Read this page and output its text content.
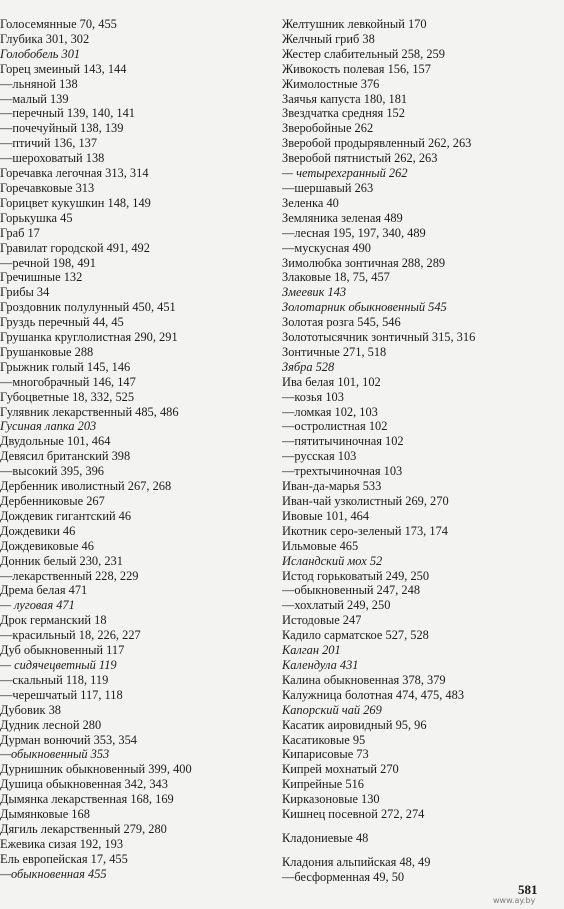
Голосемянные 70, 455
Глубика 301, 302
Голобобель 301
Горец змеиный 143, 144
—льняной 138
—малый 139
—перечный 139, 140, 141
—почечуйный 138, 139
—птичий 136, 137
—шероховатый 138
Горечавка легочная 313, 314
Горечавковые 313
Горицвет кукушкин 148, 149
Горькушка 45
Граб 17
Гравилат городской 491, 492
—речной 198, 491
Гречишные 132
Грибы 34
Гроздовник полулунный 450, 451
Груздь перечный 44, 45
Грушанка круглолистная 290, 291
Грушанковые 288
Грыжник голый 145, 146
—многобрачный 146, 147
Губоцветные 18, 332, 525
Гулявник лекарственный 485, 486
Гусиная лапка 203
Двудольные 101, 464
Девясил британский 398
—высокий 395, 396
Дербенник иволистный 267, 268
Дербенниковые 267
Дождевик гигантский 46
Дождевики 46
Дождевиковые 46
Донник белый 230, 231
—лекарственный 228, 229
Дрема белая 471
— луговая 471
Дрок германский 18
—красильный 18, 226, 227
Дуб обыкновенный 117
— сидячецветный 119
—скальный 118, 119
—черешчатый 117, 118
Дубовик 38
Дудник лесной 280
Дурман вонючий 353, 354
—обыкновенный 353
Дурнишник обыкновенный 399, 400
Душица обыкновенная 342, 343
Дымянка лекарственная 168, 169
Дымянковые 168
Дягиль лекарственный 279, 280
Ежевика сизая 192, 193
Ель европейская 17, 455
—обыкновенная 455
Желтушник левкойный 170
Желчный гриб 38
Жестер слабительный 258, 259
Живокость полевая 156, 157
Жимолостные 376
Заячья капуста 180, 181
Звездчатка средняя 152
Зверобойные 262
Зверобой продырявленный 262, 263
Зверобой пятнистый 262, 263
— четырехгранный 262
—шершавый 263
Зеленка 40
Земляника зеленая 489
—лесная 195, 197, 340, 489
—мускусная 490
Зимолюбка зонтичная 288, 289
Злаковые 18, 75, 457
Змеевик 143
Золотарник обыкновенный 545
Золотая розга 545, 546
Золототысячник зонтичный 315, 316
Зонтичные 271, 518
Зябра 528
Ива белая 101, 102
—козья 103
—ломкая 102, 103
—остролистная 102
—пятитычиночная 102
—русская 103
—трехтычиночная 103
Иван-да-марья 533
Иван-чай узколистный 269, 270
Ивовые 101, 464
Икотник серо-зеленый 173, 174
Ильмовые 465
Исландский мох 52
Истод горьковатый 249, 250
—обыкновенный 247, 248
—хохлатый 249, 250
Истодовые 247
Кадило сарматское 527, 528
Калган 201
Календула 431
Калина обыкновенная 378, 379
Калужница болотная 474, 475, 483
Капорский чай 269
Касатик аировидный 95, 96
Касатиковые 95
Кипарисовые 73
Кипрей мохнатый 270
Кипрейные 516
Кирказоновые 130
Кишнец посевной 272, 274
Кладониевые 48
Кладония альпийская 48, 49
—бесформенная 49, 50
581
www.ay.by
